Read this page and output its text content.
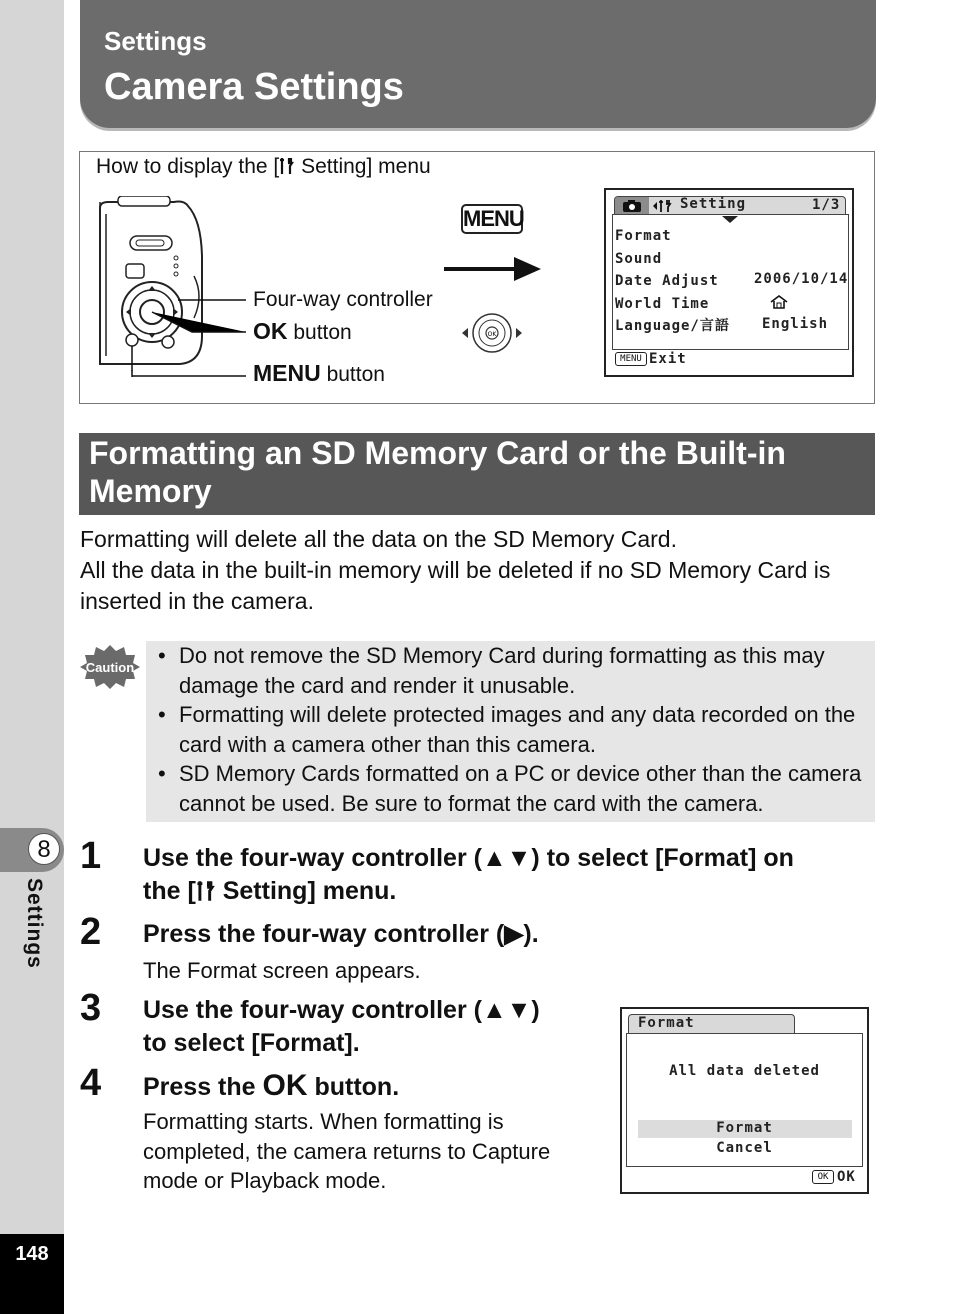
8
Settings
148
Settings
Camera Settings
How to display the [ Setting] menu
Four-way controller
OK button
MENU button
MENU
OK
Setting	1/3
Format
Sound
Date Adjust
World Time
Language/言語
2006/10/14
English
MENU Exit
Formatting an SD Memory Card or the Built-in Memory
Formatting will delete all the data on the SD Memory Card.
All the data in the built-in memory will be deleted if no SD Memory Card is inserted in the camera.
Caution
•	Do not remove the SD Memory Card during formatting as this may damage the card and render it unusable.
• Formatting will delete protected images and any data recorded on the card with a camera other than this camera.
• SD Memory Cards formatted on a PC or device other than the camera cannot be used. Be sure to format the card with the camera.
1 Use the four-way controller (▲▼) to select [Format] on
the [ Setting] menu.
2 Press the four-way controller (▶).
The Format screen appears.
3 Use the four-way controller (▲▼)
to select [Format].
4 Press the OK button.
Formatting starts. When formatting is
completed, the camera returns to Capture
mode or Playback mode.
Format
All data deleted
Format
Cancel
OK OK
